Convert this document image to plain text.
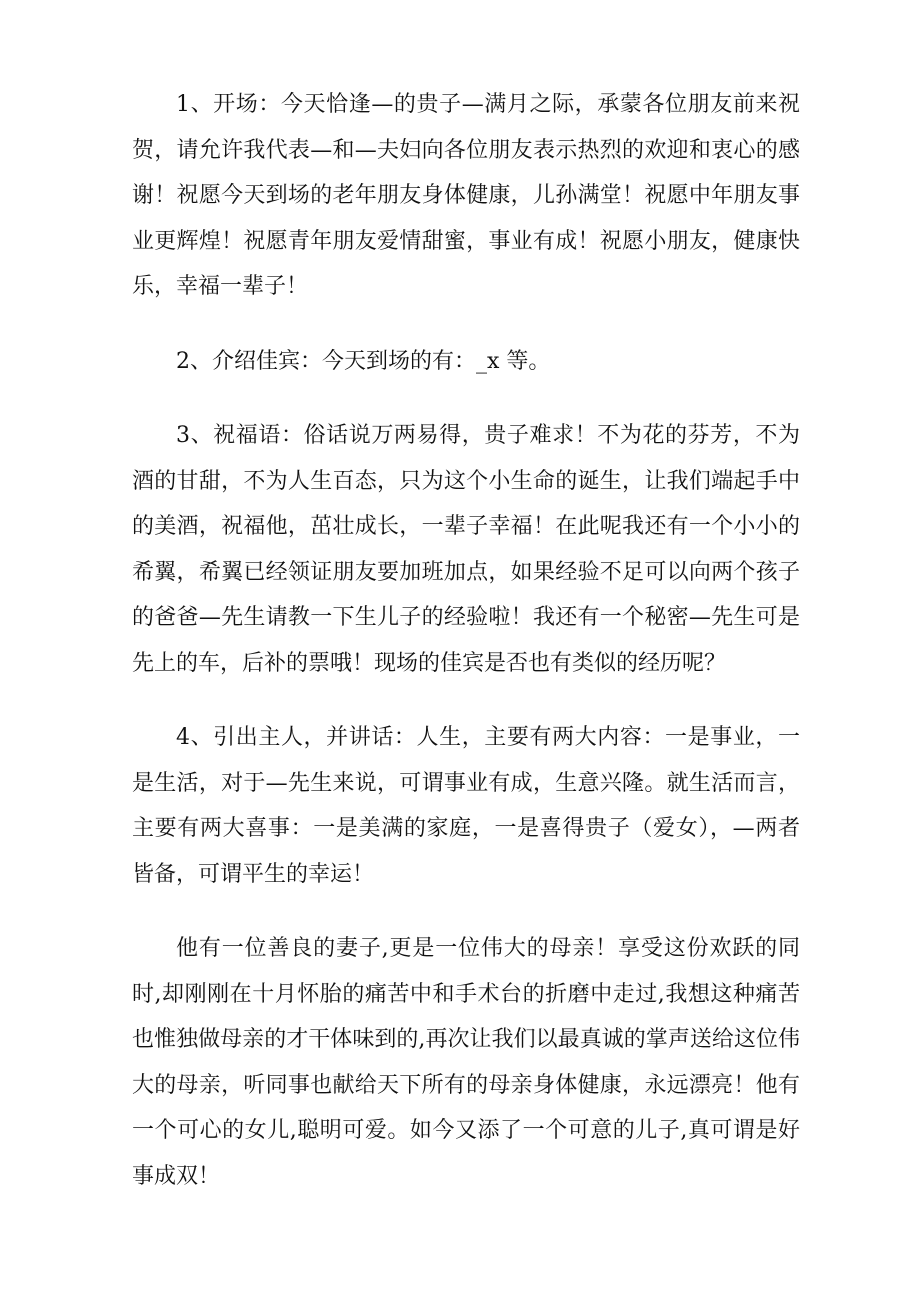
1、开场：今天恰逢—的贵子—满月之际，承蒙各位朋友前来祝贺，请允许我代表—和—夫妇向各位朋友表示热烈的欢迎和衷心的感谢！祝愿今天到场的老年朋友身体健康，儿孙满堂！祝愿中年朋友事业更辉煌！祝愿青年朋友爱情甜蜜，事业有成！祝愿小朋友，健康快乐，幸福一辈子！

2、介绍佳宾：今天到场的有：_x 等。

3、祝福语：俗话说万两易得，贵子难求！不为花的芬芳，不为酒的甘甜，不为人生百态，只为这个小生命的诞生，让我们端起手中的美酒，祝福他，茁壮成长，一辈子幸福！在此呢我还有一个小小的希翼，希翼已经领证朋友要加班加点，如果经验不足可以向两个孩子的爸爸—先生请教一下生儿子的经验啦！我还有一个秘密—先生可是先上的车，后补的票哦！现场的佳宾是否也有类似的经历呢？

4、引出主人，并讲话：人生，主要有两大内容：一是事业，一是生活，对于—先生来说，可谓事业有成，生意兴隆。就生活而言，主要有两大喜事：一是美满的家庭，一是喜得贵子（爱女），—两者皆备，可谓平生的幸运！

他有一位善良的妻子,更是一位伟大的母亲！享受这份欢跃的同时,却刚刚在十月怀胎的痛苦中和手术台的折磨中走过,我想这种痛苦也惟独做母亲的才干体味到的,再次让我们以最真诚的掌声送给这位伟大的母亲，听同事也献给天下所有的母亲身体健康，永远漂亮！他有一个可心的女儿,聪明可爱。如今又添了一个可意的儿子,真可谓是好事成双！
